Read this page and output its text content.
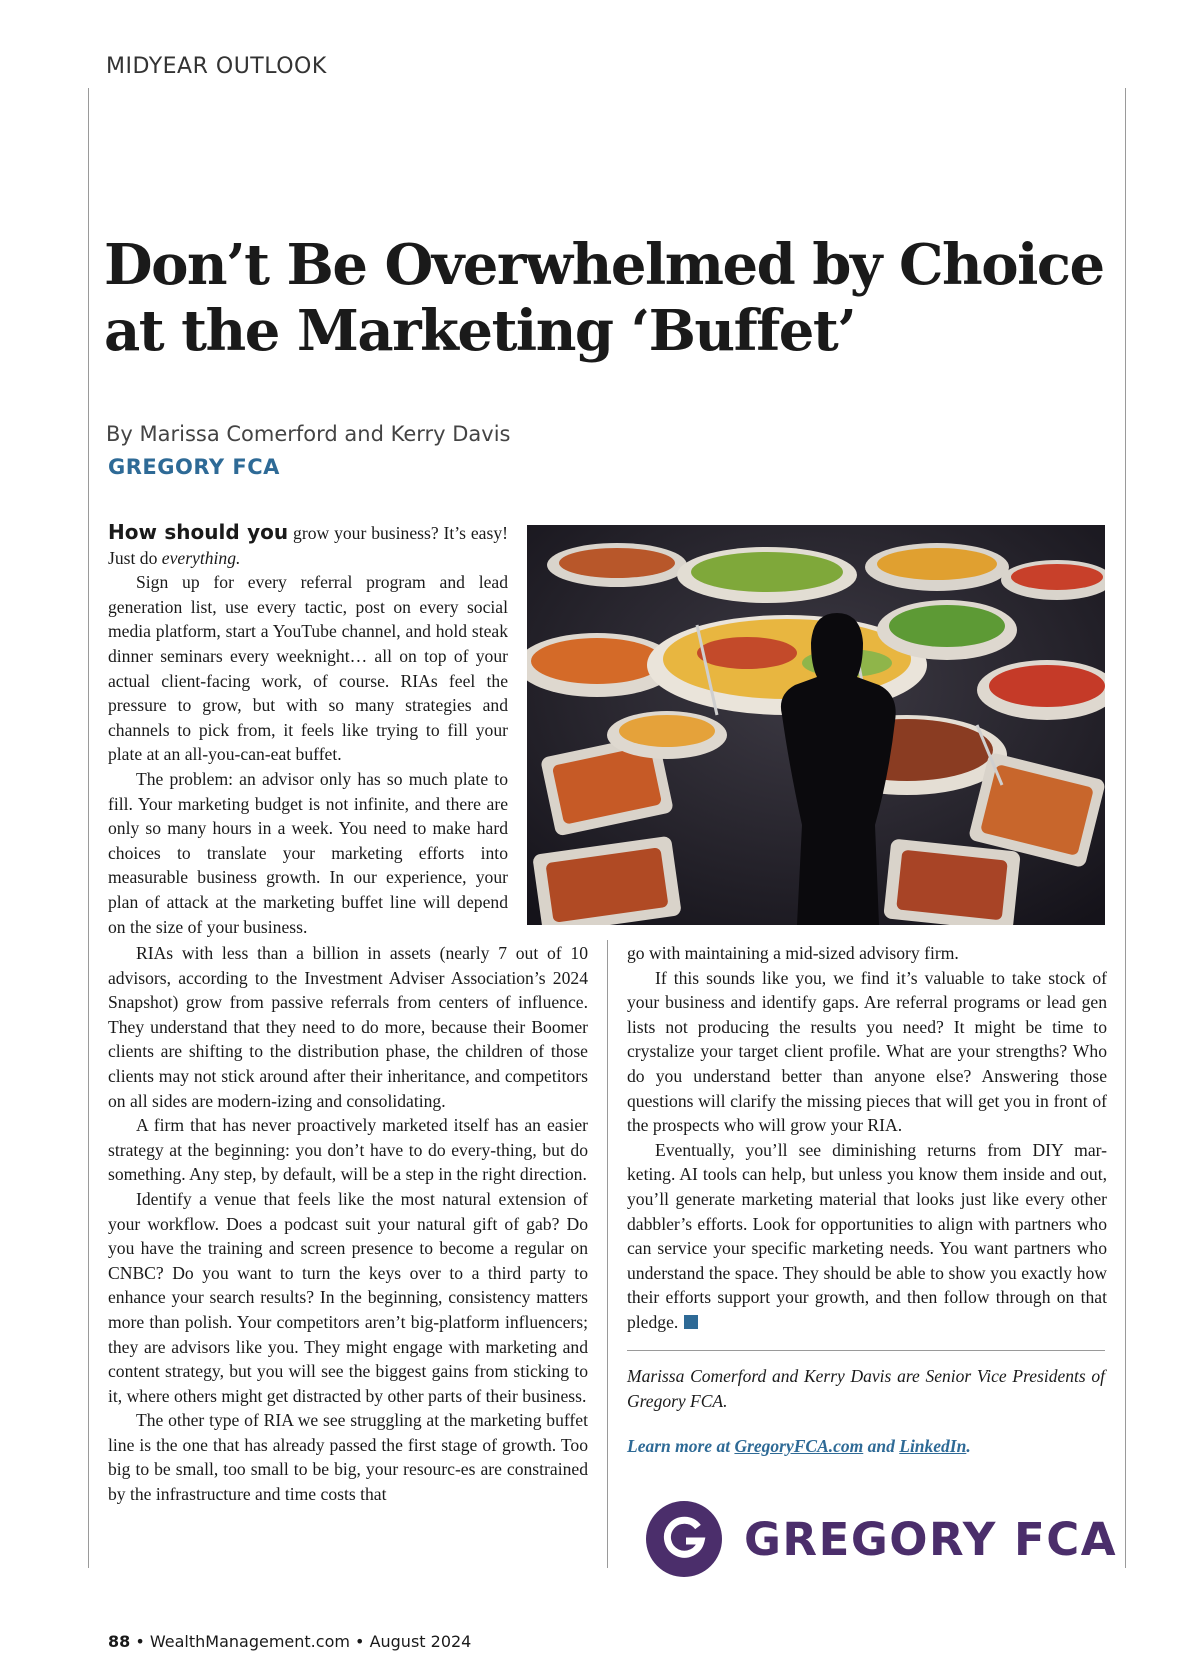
MIDYEAR OUTLOOK
Don’t Be Overwhelmed by Choice at the Marketing ‘Buffet’
By Marissa Comerford and Kerry Davis
GREGORY FCA

How should you grow your business? It’s easy! Just do everything.

Sign up for every referral program and lead generation list, use every tactic, post on every social media platform, start a YouTube channel, and hold steak dinner seminars every weeknight… all on top of your actual client-facing work, of course. RIAs feel the pressure to grow, but with so many strategies and channels to pick from, it feels like trying to fill your plate at an all-you-can-eat buffet.

The problem: an advisor only has so much plate to fill. Your marketing budget is not infinite, and there are only so many hours in a week. You need to make hard choices to translate your marketing efforts into measurable business growth. In our experience, your plan of attack at the marketing buffet line will depend on the size of your business.

RIAs with less than a billion in assets (nearly 7 out of 10 advisors, according to the Investment Adviser Association’s 2024 Snapshot) grow from passive referrals from centers of influence. They understand that they need to do more, because their Boomer clients are shifting to the distribution phase, the children of those clients may not stick around after their inheritance, and competitors on all sides are modern-izing and consolidating.

A firm that has never proactively marketed itself has an easier strategy at the beginning: you don’t have to do every-thing, but do something. Any step, by default, will be a step in the right direction.

Identify a venue that feels like the most natural extension of your workflow. Does a podcast suit your natural gift of gab? Do you have the training and screen presence to become a regular on CNBC? Do you want to turn the keys over to a third party to enhance your search results? In the beginning, consistency matters more than polish. Your competitors aren’t big-platform influencers; they are advisors like you. They might engage with marketing and content strategy, but you will see the biggest gains from sticking to it, where others might get distracted by other parts of their business.

The other type of RIA we see struggling at the marketing buffet line is the one that has already passed the first stage of growth. Too big to be small, too small to be big, your resourc-es are constrained by the infrastructure and time costs that

go with maintaining a mid-sized advisory firm.

If this sounds like you, we find it’s valuable to take stock of your business and identify gaps. Are referral programs or lead gen lists not producing the results you need? It might be time to crystalize your target client profile. What are your strengths? Who do you understand better than anyone else? Answering those questions will clarify the missing pieces that will get you in front of the prospects who will grow your RIA.

Eventually, you’ll see diminishing returns from DIY mar-keting. AI tools can help, but unless you know them inside and out, you’ll generate marketing material that looks just like every other dabbler’s efforts. Look for opportunities to align with partners who can service your specific marketing needs. You want partners who understand the space. They should be able to show you exactly how their efforts support your growth, and then follow through on that pledge.

Marissa Comerford and Kerry Davis are Senior Vice Presidents of Gregory FCA.
Learn more at GregoryFCA.com and LinkedIn.
GREGORY FCA
88 • WealthManagement.com • August 2024
